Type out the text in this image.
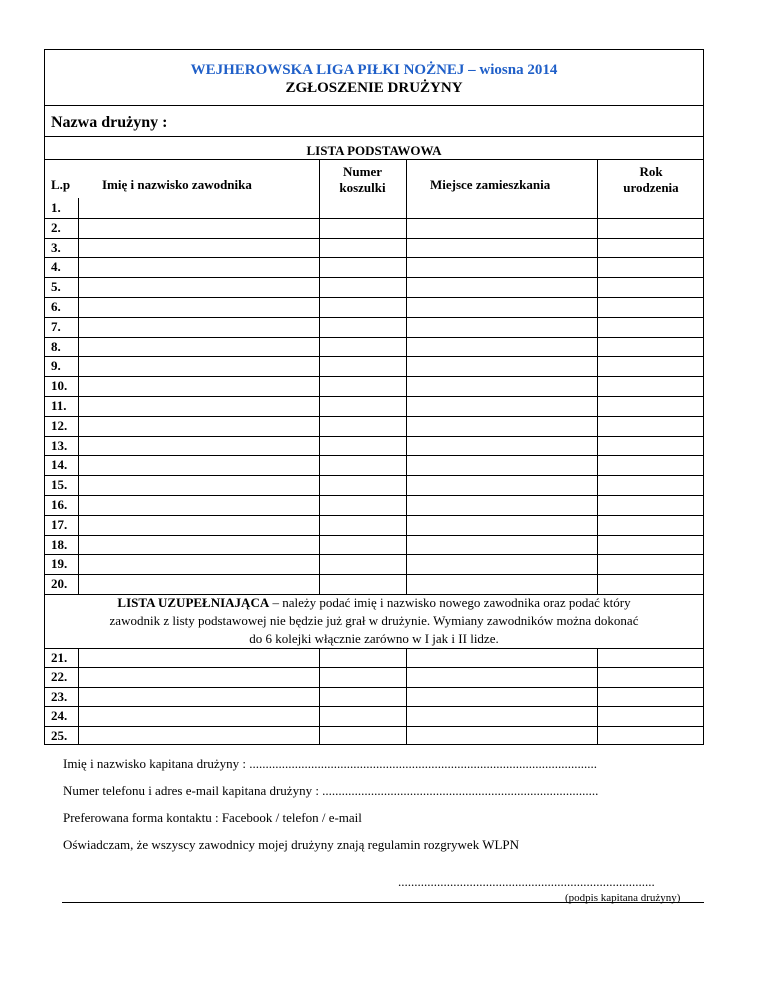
WEJHEROWSKA LIGA PIŁKI NOŻNEJ – wiosna 2014
ZGŁOSZENIE DRUŻYNY
Nazwa drużyny :
LISTA PODSTAWOWA
L.p Imię i nazwisko zawodnika
Numer
koszulki	Miejsce zamieszkania
Rok
urodzenia
1.
2.
3.
4.
5.
6.
7.
8.
9.
10.
11.
12.
13.
14.
15.
16.
17.
18.
19.
20.
LISTA UZUPEŁNIAJĄCA – należy podać imię i nazwisko nowego zawodnika oraz podać który
zawodnik z listy podstawowej nie będzie już grał w drużynie. Wymiany zawodników można dokonać
do 6 kolejki włącznie zarówno w I jak i II lidze.
21.
22.
23.
24.
25.
Imię i nazwisko kapitana drużyny : ...........................................................................................................
Numer telefonu i adres e-mail kapitana drużyny : .....................................................................................
Preferowana forma kontaktu : Facebook / telefon / e-mail
Oświadczam, że wszyscy zawodnicy mojej drużyny znają regulamin rozgrywek WLPN
...............................................................................
(podpis kapitana drużyny)
